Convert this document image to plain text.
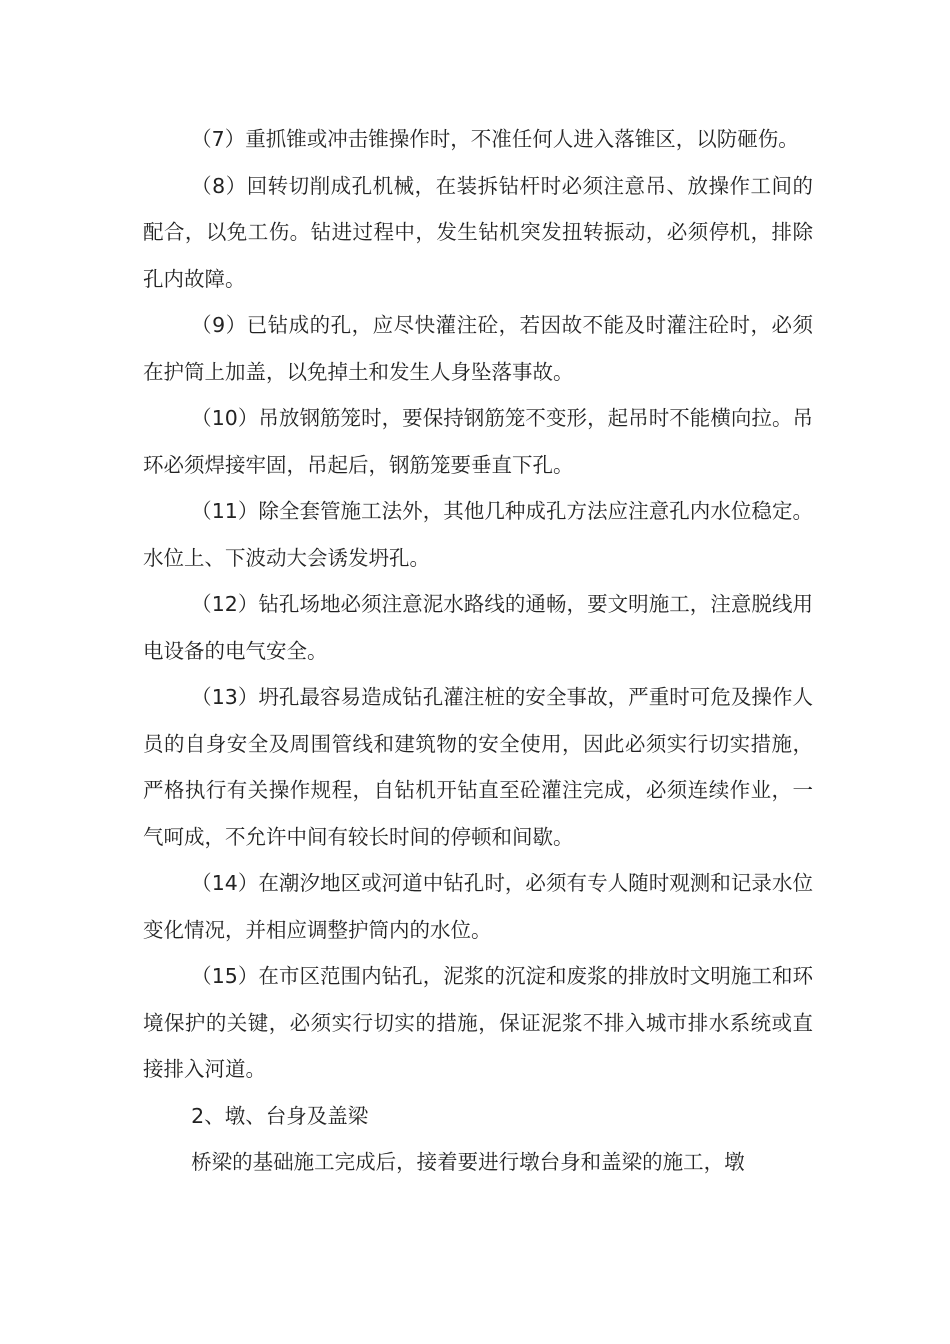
（7）重抓锥或冲击锥操作时，不准任何人进入落锥区，以防砸伤。

（8）回转切削成孔机械，在装拆钻杆时必须注意吊、放操作工间的配合，以免工伤。钻进过程中，发生钻机突发扭转振动，必须停机，排除孔内故障。

（9）已钻成的孔，应尽快灌注砼，若因故不能及时灌注砼时，必须在护筒上加盖，以免掉土和发生人身坠落事故。

（10）吊放钢筋笼时，要保持钢筋笼不变形，起吊时不能横向拉。吊环必须焊接牢固，吊起后，钢筋笼要垂直下孔。

（11）除全套管施工法外，其他几种成孔方法应注意孔内水位稳定。水位上、下波动大会诱发坍孔。

（12）钻孔场地必须注意泥水路线的通畅，要文明施工，注意脱线用电设备的电气安全。

（13）坍孔最容易造成钻孔灌注桩的安全事故，严重时可危及操作人员的自身安全及周围管线和建筑物的安全使用，因此必须实行切实措施，严格执行有关操作规程，自钻机开钻直至砼灌注完成，必须连续作业，一气呵成，不允许中间有较长时间的停顿和间歇。

（14）在潮汐地区或河道中钻孔时，必须有专人随时观测和记录水位变化情况，并相应调整护筒内的水位。

（15）在市区范围内钻孔，泥浆的沉淀和废浆的排放时文明施工和环境保护的关键，必须实行切实的措施，保证泥浆不排入城市排水系统或直接排入河道。

2、墩、台身及盖梁

桥梁的基础施工完成后，接着要进行墩台身和盖梁的施工，墩
